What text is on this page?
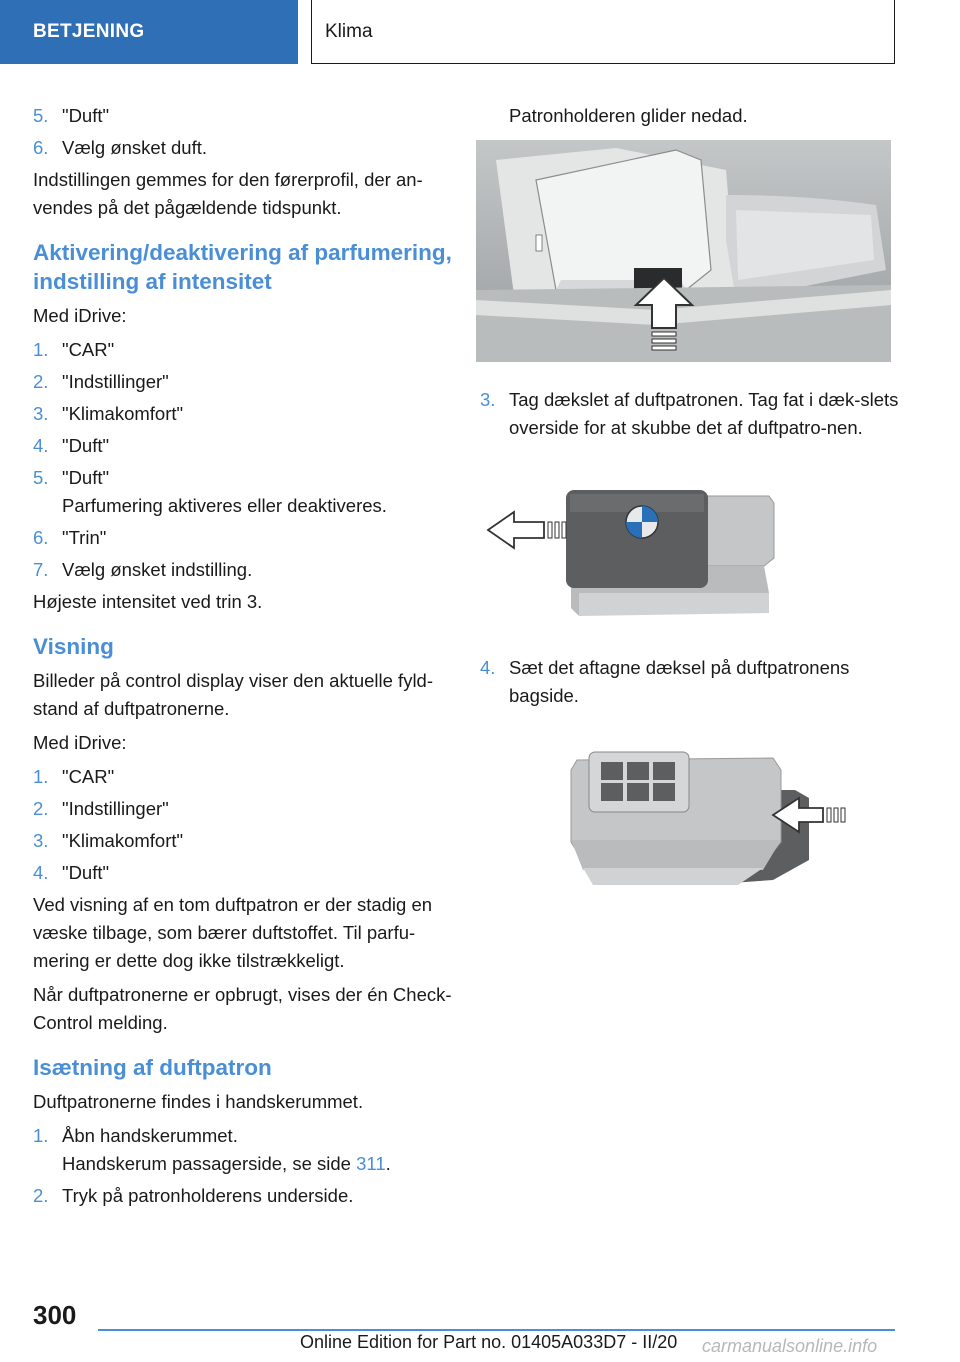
BETJENING	Klima
5. "Duft"
6. Vælg ønsket duft.

Indstillingen gemmes for den førerprofil, der an-vendes på det pågældende tidspunkt.

Aktivering/deaktivering af parfumering, indstilling af intensitet

Med iDrive:

1. "CAR"
2. "Indstillinger"
3. "Klimakomfort"
4. "Duft"
5. "Duft"
Parfumering aktiveres eller deaktiveres.
6. "Trin"
7. Vælg ønsket indstilling.

Højeste intensitet ved trin 3.

Visning

Billeder på control display viser den aktuelle fyld-stand af duftpatronerne.

Med iDrive:

1. "CAR"
2. "Indstillinger"
3. "Klimakomfort"
4. "Duft"

Ved visning af en tom duftpatron er der stadig en væske tilbage, som bærer duftstoffet. Til parfu-mering er dette dog ikke tilstrækkeligt.

Når duftpatronerne er opbrugt, vises der én Check-Control melding.

Isætning af duftpatron

Duftpatronerne findes i handskerummet.

1. Åbn handskerummet.
Handskerum passagerside, se side 311.
2. Tryk på patronholderens underside.

Patronholderen glider nedad.

3. Tag dækslet af duftpatronen. Tag fat i dæk-slets overside for at skubbe det af duftpatro-nen.
4. Sæt det aftagne dæksel på duftpatronens bagside.
300
Online Edition for Part no. 01405A033D7 - II/20 carmanualsonline.info
